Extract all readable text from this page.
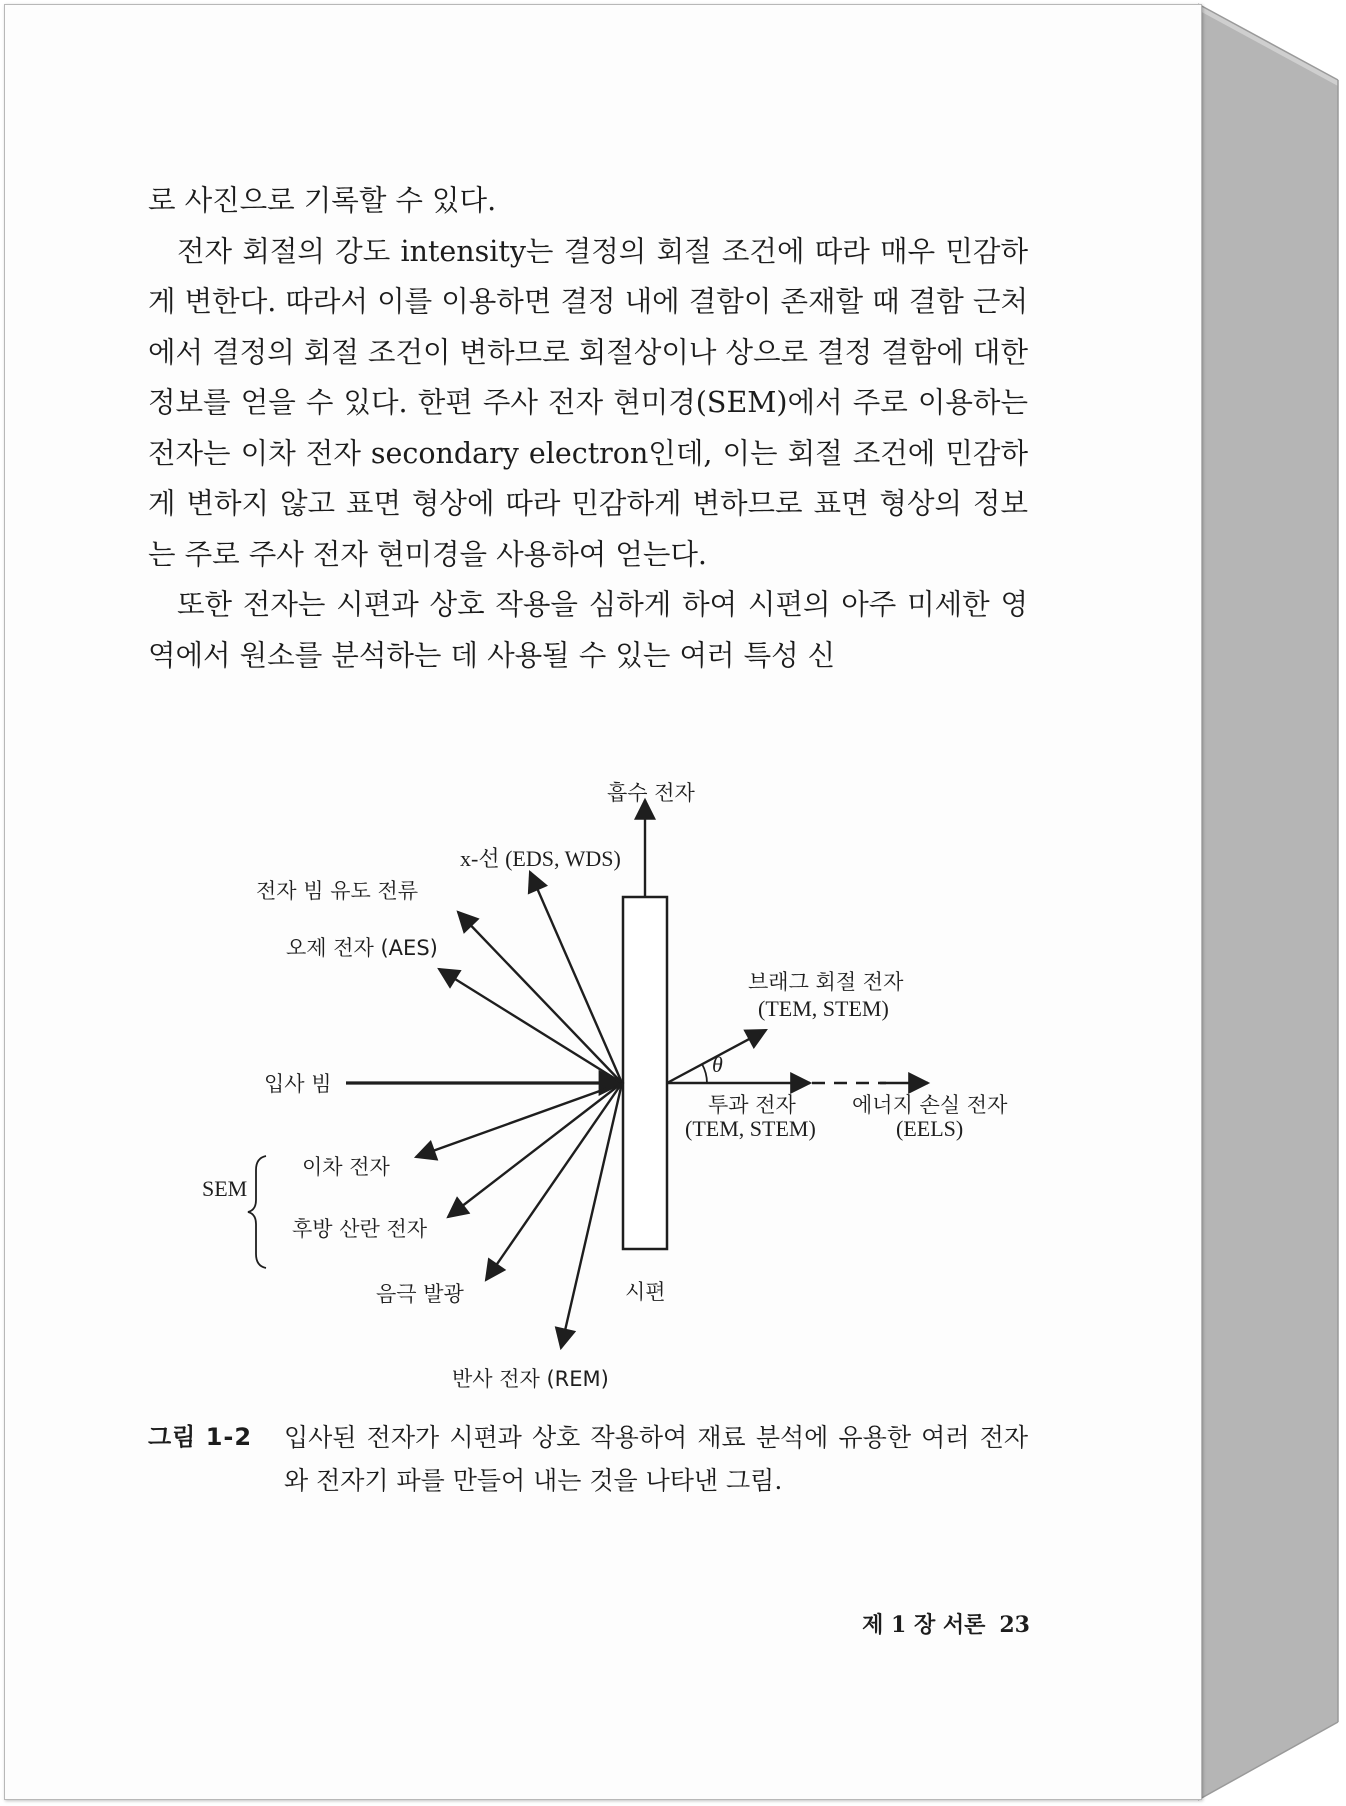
로 사진으로 기록할 수 있다.

전자 회절의 강도 intensity는 결정의 회절 조건에 따라 매우 민감하게 변한다. 따라서 이를 이용하면 결정 내에 결함이 존재할 때 결함 근처에서 결정의 회절 조건이 변하므로 회절상이나 상으로 결정 결함에 대한 정보를 얻을 수 있다. 한편 주사 전자 현미경(SEM)에서 주로 이용하는 전자는 이차 전자 secondary electron인데, 이는 회절 조건에 민감하게 변하지 않고 표면 형상에 따라 민감하게 변하므로 표면 형상의 정보는 주로 주사 전자 현미경을 사용하여 얻는다.

또한 전자는 시편과 상호 작용을 심하게 하여 시편의 아주 미세한 영역에서 원소를 분석하는 데 사용될 수 있는 여러 특성 신

흡수 전자
x-선 (EDS, WDS)
전자 빔 유도 전류
오제 전자 (AES)
브래그 회절 전자
(TEM, STEM)
θ
입사 빔
투과 전자
(TEM, STEM)
에너지 손실 전자
(EELS)
SEM
이차 전자
후방 산란 전자
음극 발광	시편
반사 전자 (REM)
그림 1-2 입사된 전자가 시편과 상호 작용하여 재료 분석에 유용한 여러 전자와 전자기 파를 만들어 내는 것을 나타낸 그림.
제 1 장 서론 23
